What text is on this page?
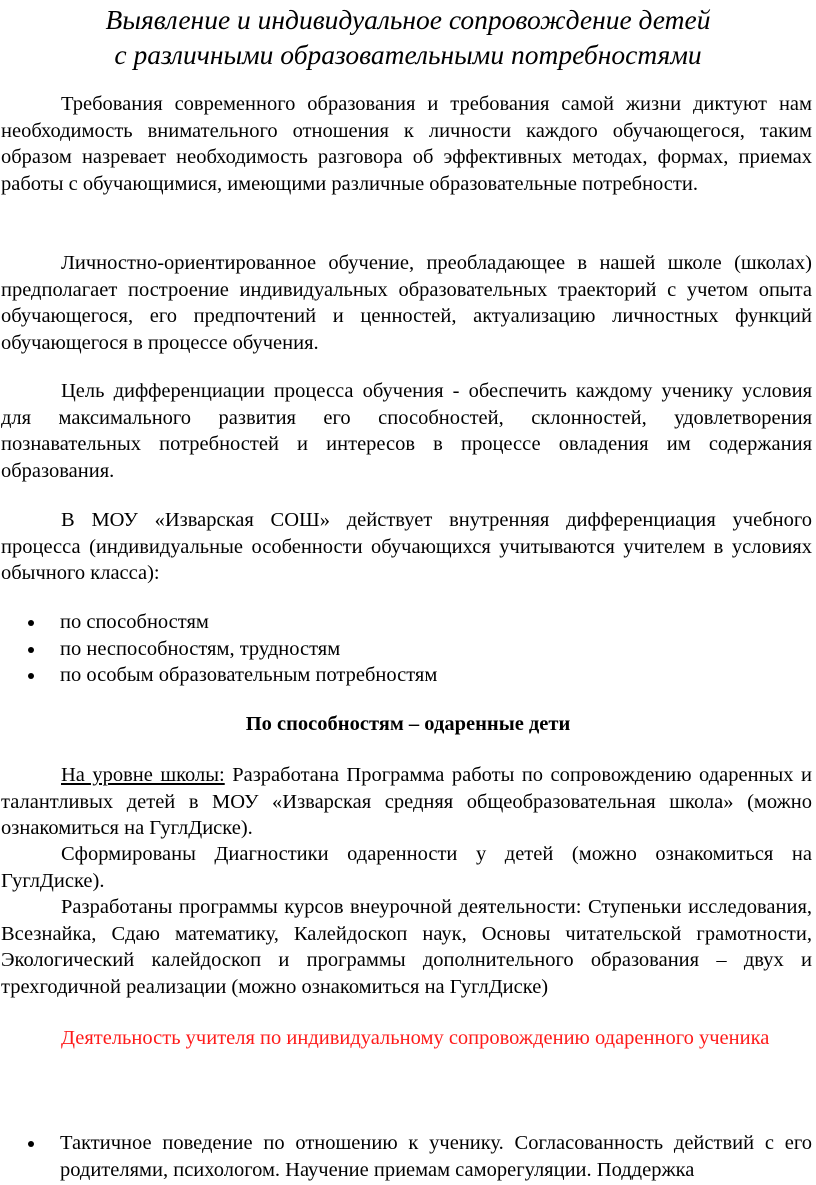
Выявление и индивидуальное сопровождение детей
с различными образовательными потребностями
Требования современного образования и требования самой жизни диктуют нам необходимость внимательного отношения к личности каждого обучающегося, таким образом назревает необходимость разговора об эффективных методах, формах, приемах работы с обучающимися, имеющими различные образовательные потребности.
Личностно-ориентированное обучение, преобладающее в нашей школе (школах) предполагает построение индивидуальных образовательных траекторий с учетом опыта обучающегося, его предпочтений и ценностей, актуализацию личностных функций обучающегося в процессе обучения.
Цель дифференциации процесса обучения - обеспечить каждому ученику условия для максимального развития его способностей, склонностей, удовлетворения познавательных потребностей и интересов в процессе овладения им содержания образования.
В МОУ «Изварская СОШ» действует внутренняя дифференциация учебного процесса (индивидуальные особенности обучающихся учитываются учителем в условиях обычного класса):
по способностям
по неспособностям, трудностям
по особым образовательным потребностям
По способностям – одаренные дети
На уровне школы: Разработана Программа работы по сопровождению одаренных и талантливых детей в МОУ «Изварская средняя общеобразовательная школа» (можно ознакомиться на ГуглДиске).
Сформированы Диагностики одаренности у детей (можно ознакомиться на ГуглДиске).
Разработаны программы курсов внеурочной деятельности: Ступеньки исследования, Всезнайка, Сдаю математику, Калейдоскоп наук, Основы читательской грамотности, Экологический калейдоскоп и программы дополнительного образования – двух и трехгодичной реализации (можно ознакомиться на ГуглДиске)
Деятельность учителя по индивидуальному сопровождению одаренного ученика
Тактичное поведение по отношению к ученику. Согласованность действий с его родителями, психологом. Научение приемам саморегуляции. Поддержка
